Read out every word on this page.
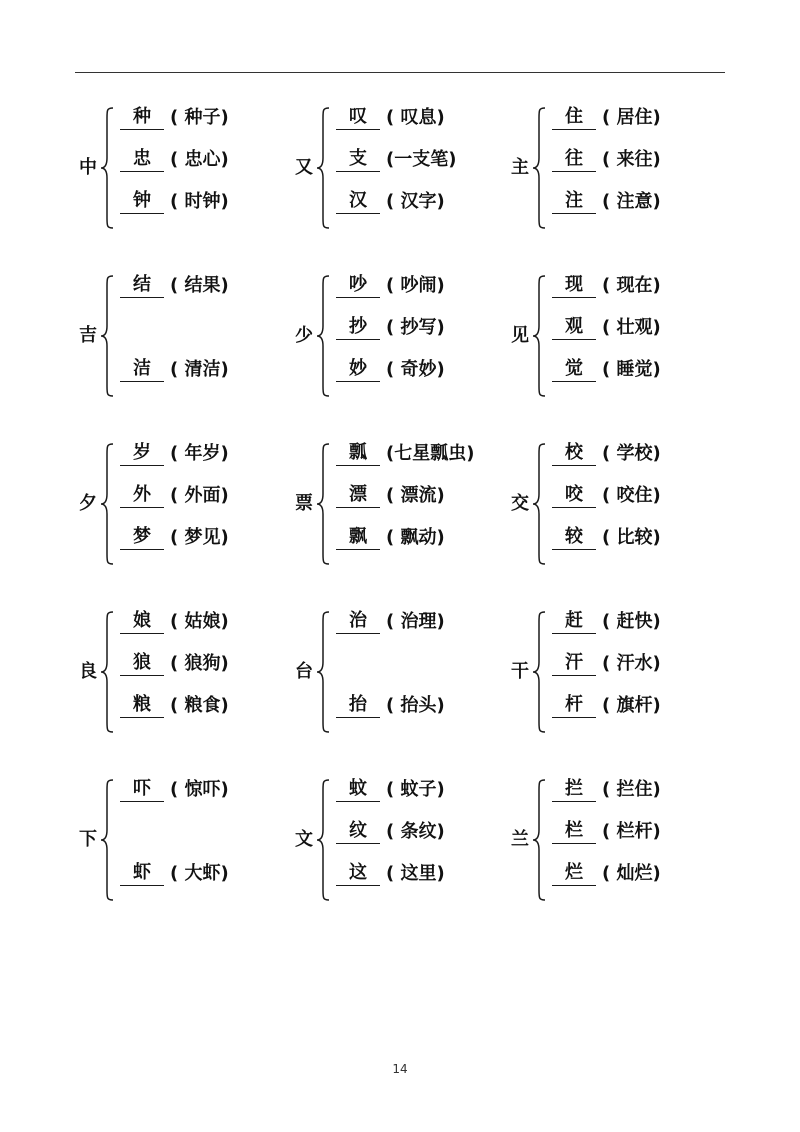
中
种	( 种子)
忠	( 忠心)
钟	( 时钟)
又
叹	( 叹息)
支	(一支笔)
汉	( 汉字)
主
住	( 居住)
往	( 来往)
注	( 注意)
吉
结	( 结果)
洁	( 清洁)
少
吵	( 吵闹)
抄	( 抄写)
妙	( 奇妙)
见
现	( 现在)
观	( 壮观)
觉	( 睡觉)
夕
岁	( 年岁)
外	( 外面)
梦	( 梦见)
票
瓢	(七星瓢虫)
漂	( 漂流)
飘	( 飘动)
交
校	( 学校)
咬	( 咬住)
较	( 比较)
良
娘	( 姑娘)
狼	( 狼狗)
粮	( 粮食)
台
治	( 治理)
抬	( 抬头)
干
赶	( 赶快)
汗	( 汗水)
杆	( 旗杆)
下
吓	( 惊吓)
虾	( 大虾)
文
蚊	( 蚊子)
纹	( 条纹)
这	( 这里)
兰
拦	( 拦住)
栏	( 栏杆)
烂	( 灿烂)
14
